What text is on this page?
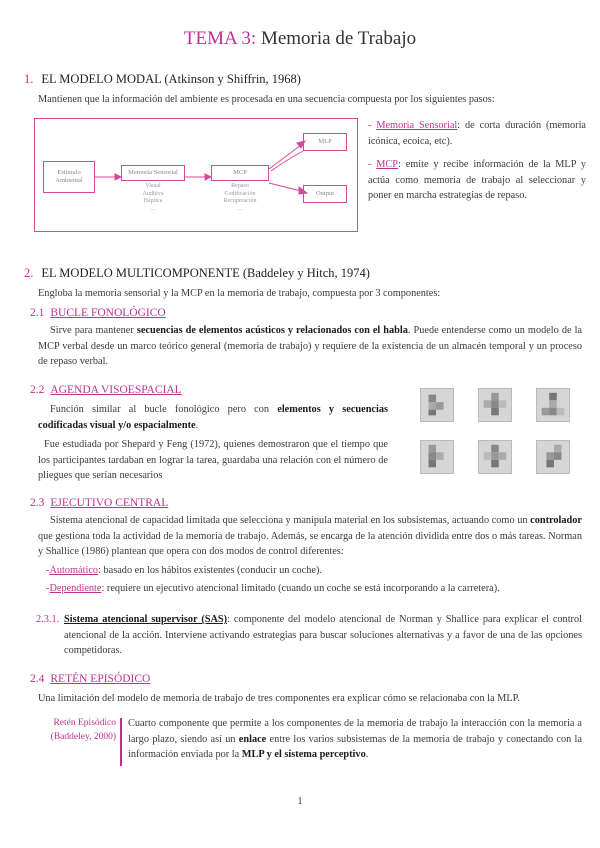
TEMA 3: Memoria de Trabajo
1. EL MODELO MODAL (Atkinson y Shiffrin, 1968)
Mantienen que la información del ambiente es procesada en una secuencia compuesta por los siguientes pasos:
Estímulo Ambiental
Memoria Sensorial
Visual
Auditiva
Háptica
...
MCP
Repaso
Codificación
Recuperación
...
MLP
Output
- Memoria Sensorial: de corta duración (memoria icónica, ecoica, etc).
- MCP: emite y recibe información de la MLP y actúa como memoria de trabajo al seleccionar y poner en marcha estrategias de repaso.
2. EL MODELO MULTICOMPONENTE (Baddeley y Hitch, 1974)
Engloba la memoria sensorial y la MCP en la memoria de trabajo, compuesta por 3 componentes:
2.1 BUCLE FONOLÓGICO
Sirve para mantener secuencias de elementos acústicos y relacionados con el habla. Puede entenderse como un modelo de la MCP verbal desde un marco teórico general (memoria de trabajo) y requiere de la existencia de un almacén temporal y un proceso de repaso verbal.
2.2 AGENDA VISOESPACIAL
Función similar al bucle fonológico pero con elementos y secuencias codificadas visual y/o espacialmente.
Fue estudiada por Shepard y Feng (1972), quienes demostraron que el tiempo que los participantes tardaban en lograr la tarea, guardaba una relación con el número de pliegues que serían necesarios
2.3 EJECUTIVO CENTRAL
Sistema atencional de capacidad limitada que selecciona y manipula material en los subsistemas, actuando como un controlador que gestiona toda la actividad de la memoria de trabajo. Además, se encarga de la atención dividida entre dos o más tareas. Norman y Shallice (1986) plantean que opera con dos modos de control diferentes:
-Automático: basado en los hábitos existentes (conducir un coche).
-Dependiente: requiere un ejecutivo atencional limitado (cuando un coche se está incorporando a la carretera).
2.3.1. Sistema atencional supervisor (SAS): componente del modelo atencional de Norman y Shallice para explicar el control atencional de la acción. Interviene activando estrategias para buscar soluciones alternativas y a favor de una de las opciones competidoras.
2.4 RETÉN EPISÓDICO
Una limitación del modelo de memoria de trabajo de tres componentes era explicar cómo se relacionaba con la MLP.
Retén Episódico
(Baddeley, 2000)
Cuarto componente que permite a los componentes de la memoria de trabajo la interacción con la memoria a largo plazo, siendo así un enlace entre los varios subsistemas de la memoria de trabajo y conectando con la información enviada por la MLP y el sistema perceptivo.
1
